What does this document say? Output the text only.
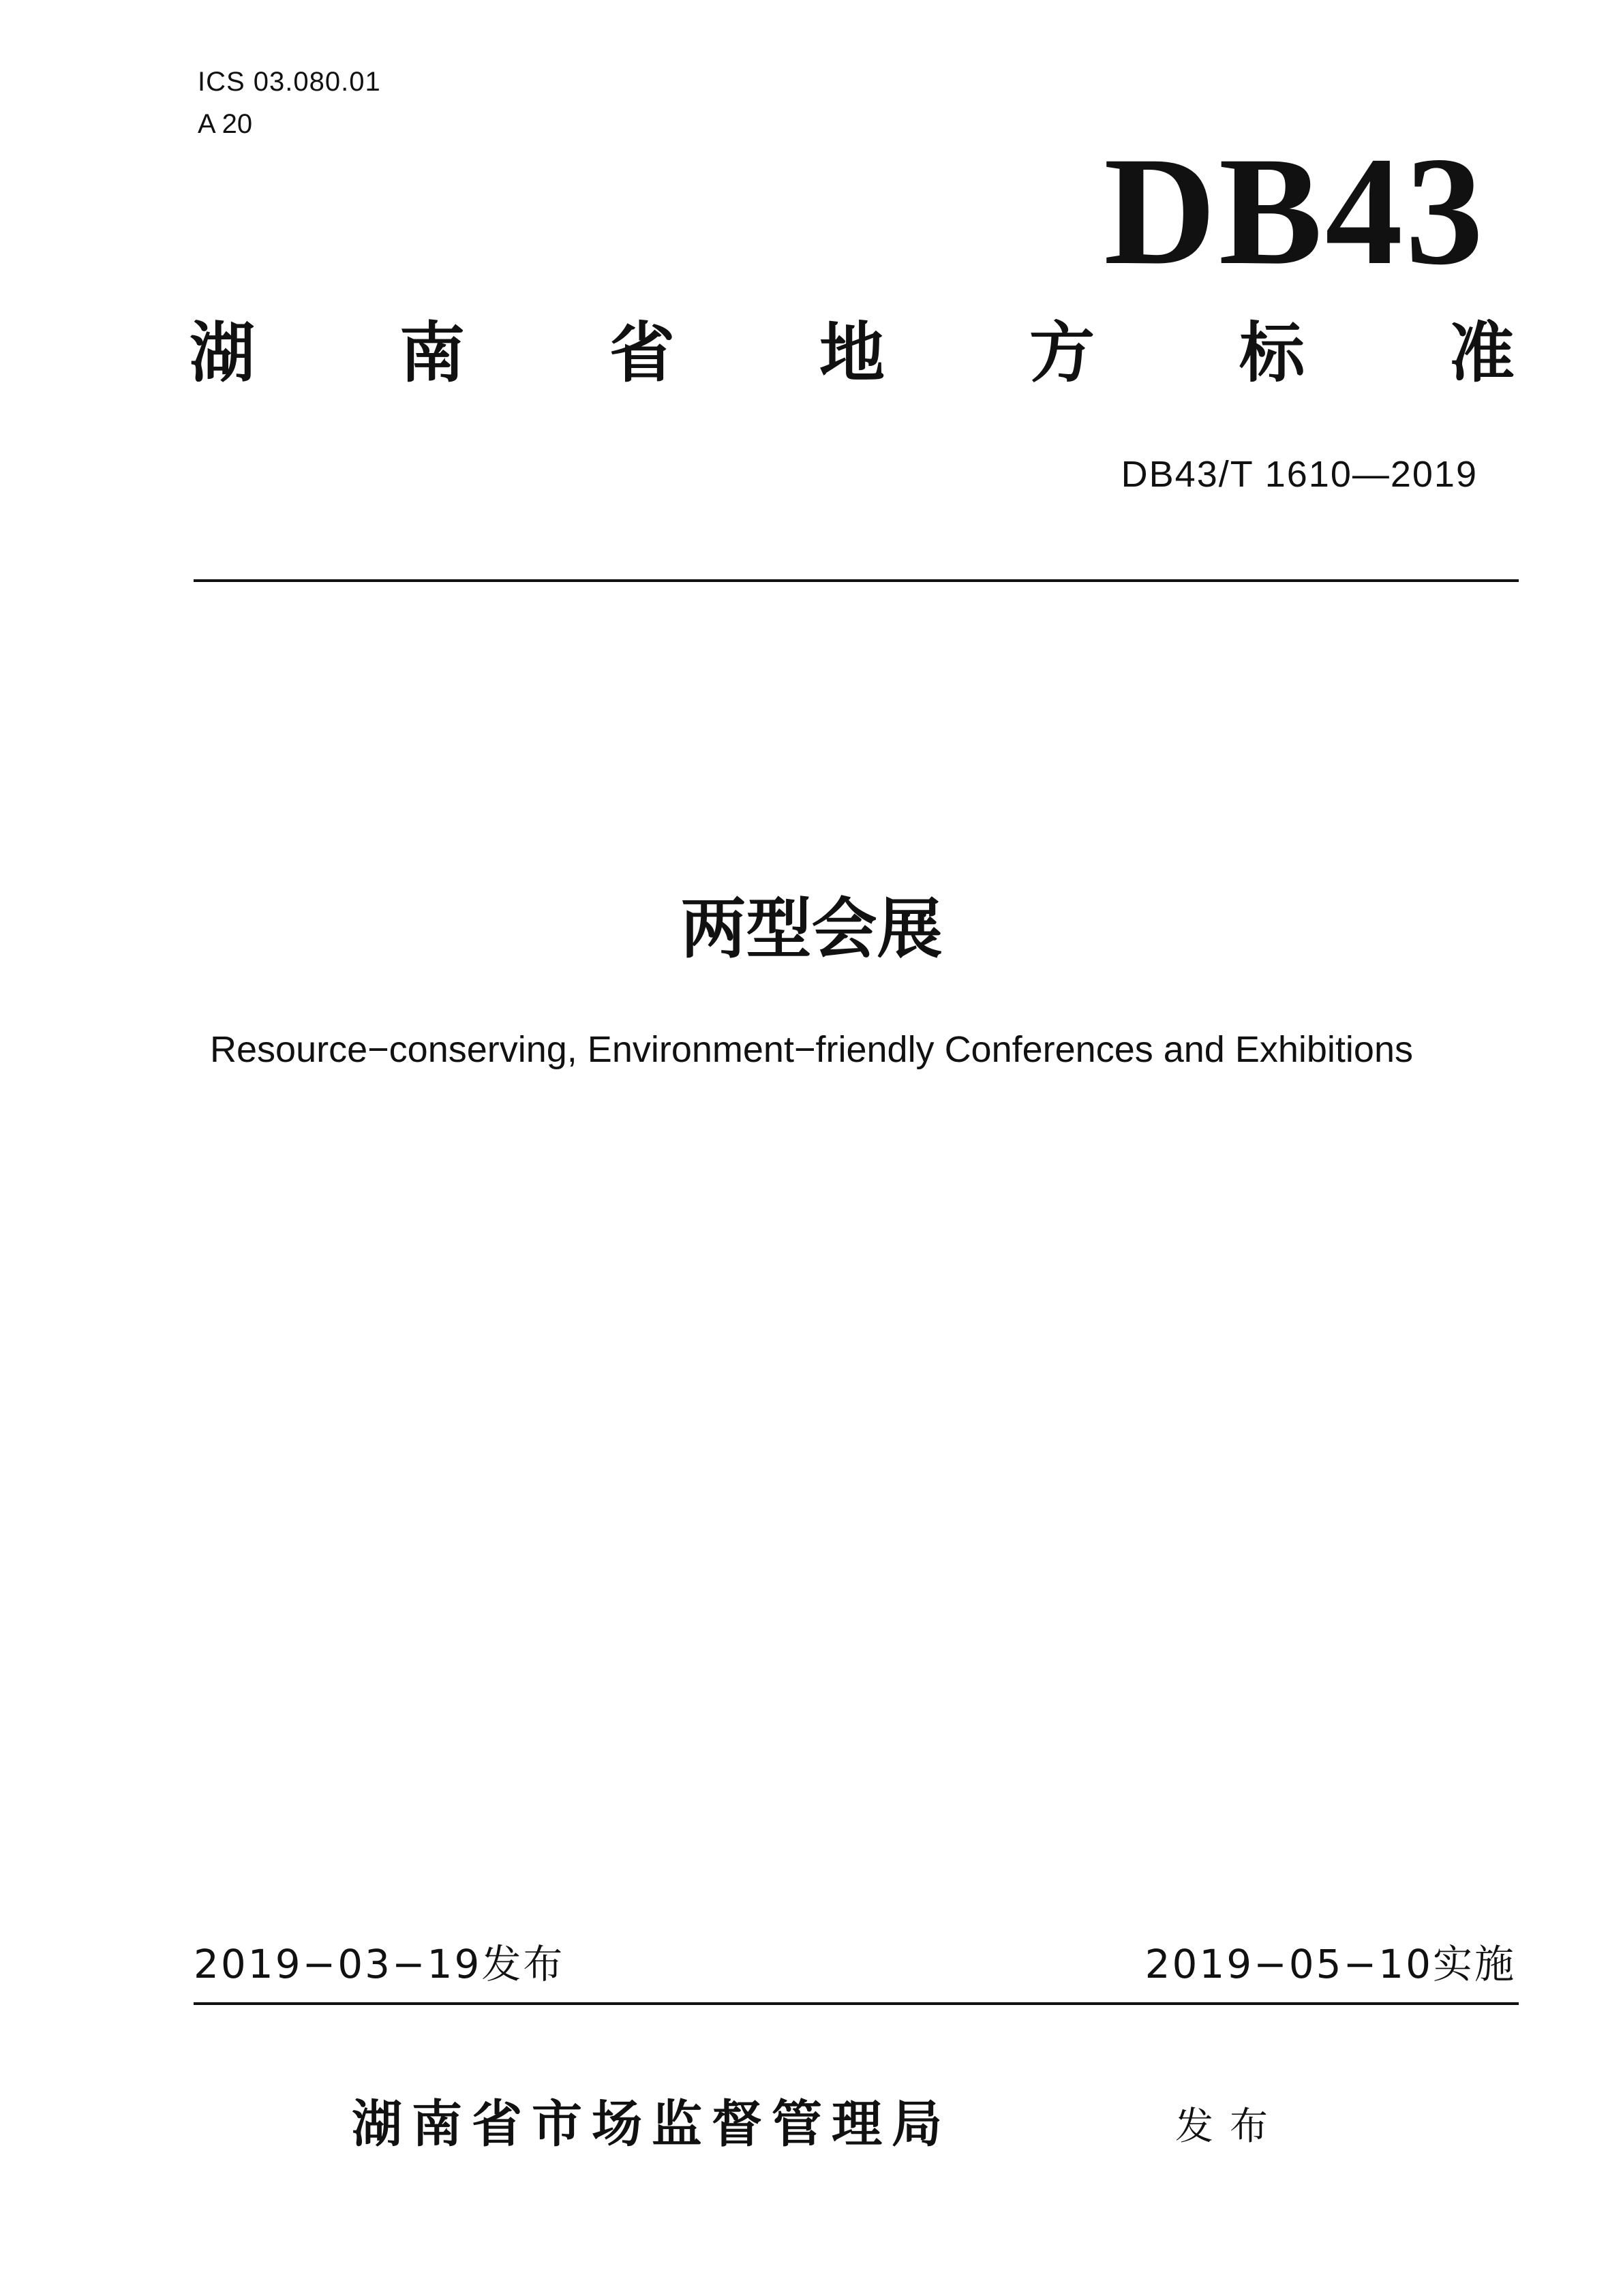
ICS 03.080.01
A 20
DB43
湖 南 省 地 方 标 准
DB43/T 1610—2019
两型会展
Resource−conserving, Environment−friendly Conferences and Exhibitions
2019−03−19发布	2019−05−10实施
湖南省市场监督管理局	发布
